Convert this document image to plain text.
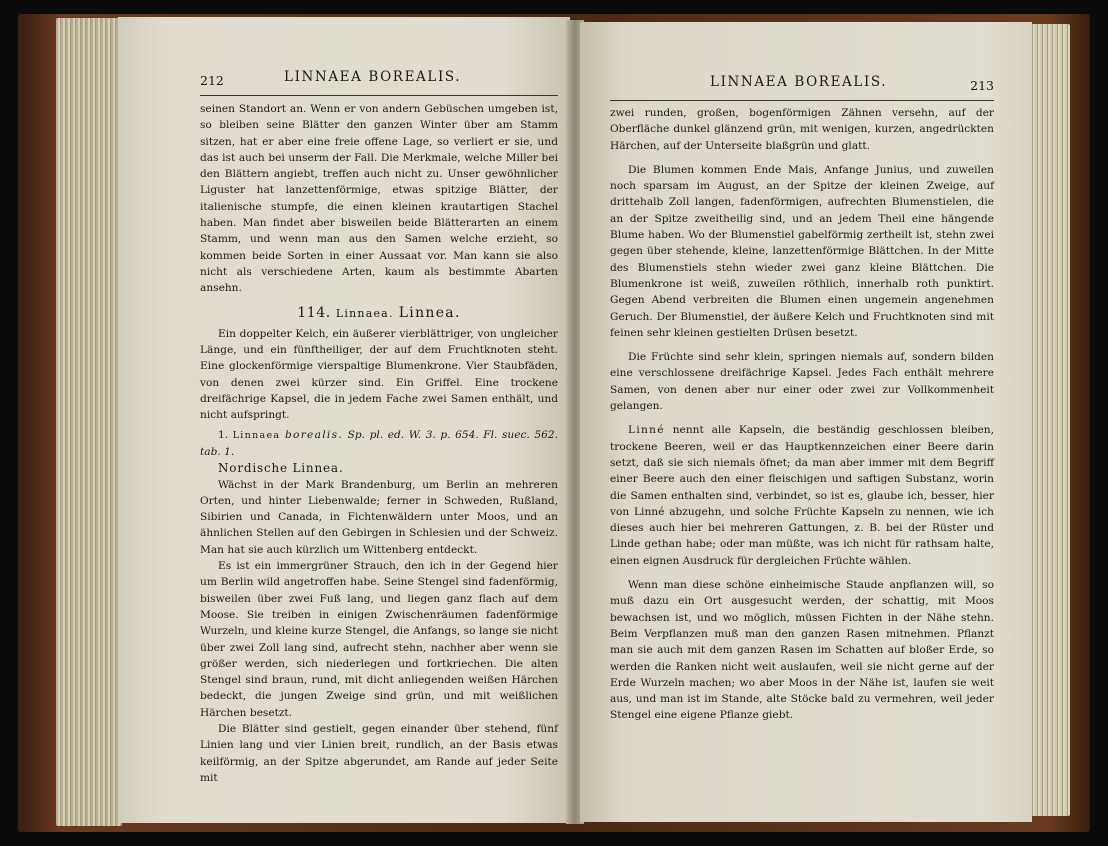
212	LINNAEA BOREALIS.

seinen Standort an. Wenn er von andern Gebüschen umgeben ist, so bleiben seine Blätter den ganzen Winter über am Stamm sitzen, hat er aber eine freie offene Lage, so verliert er sie, und das ist auch bei unserm der Fall. Die Merkmale, welche Miller bei den Blättern angiebt, treffen auch nicht zu. Unser gewöhnlicher Liguster hat lanzettenförmige, etwas spitzige Blätter, der italienische stumpfe, die einen kleinen krautartigen Stachel haben. Man findet aber bisweilen beide Blätterarten an einem Stamm, und wenn man aus den Samen welche erzieht, so kommen beide Sorten in einer Aussaat vor. Man kann sie also nicht als verschiedene Arten, kaum als bestimmte Abarten ansehn.

114. Linnaea. Linnea.

Ein doppelter Kelch, ein äußerer vierblättriger, von ungleicher Länge, und ein fünftheiliger, der auf dem Fruchtknoten steht. Eine glockenförmige vierspaltige Blumenkrone. Vier Staubfäden, von denen zwei kürzer sind. Ein Griffel. Eine trockene dreifächrige Kapsel, die in jedem Fache zwei Samen enthält, und nicht aufspringt.

1. Linnaea borealis. Sp. pl. ed. W. 3. p. 654. Fl. suec. 562. tab. 1.

Nordische Linnea.

Wächst in der Mark Brandenburg, um Berlin an mehreren Orten, und hinter Liebenwalde; ferner in Schweden, Rußland, Sibirien und Canada, in Fichtenwäldern unter Moos, und an ähnlichen Stellen auf den Gebirgen in Schlesien und der Schweiz. Man hat sie auch kürzlich um Wittenberg entdeckt.

Es ist ein immergrüner Strauch, den ich in der Gegend hier um Berlin wild angetroffen habe. Seine Stengel sind fadenförmig, bisweilen über zwei Fuß lang, und liegen ganz flach auf dem Moose. Sie treiben in einigen Zwischenräumen fadenförmige Wurzeln, und kleine kurze Stengel, die Anfangs, so lange sie nicht über zwei Zoll lang sind, aufrecht stehn, nachher aber wenn sie größer werden, sich niederlegen und fortkriechen. Die alten Stengel sind braun, rund, mit dicht anliegenden weißen Härchen bedeckt, die jungen Zweige sind grün, und mit weißlichen Härchen besetzt.

Die Blätter sind gestielt, gegen einander über stehend, fünf Linien lang und vier Linien breit, rundlich, an der Basis etwas keilförmig, an der Spitze abgerundet, am Rande auf jeder Seite mit

LINNAEA BOREALIS.	213

zwei runden, großen, bogenförmigen Zähnen versehn, auf der Oberfläche dunkel glänzend grün, mit wenigen, kurzen, angedrückten Härchen, auf der Unterseite blaßgrün und glatt.

Die Blumen kommen Ende Mais, Anfange Junius, und zuweilen noch sparsam im August, an der Spitze der kleinen Zweige, auf drittehalb Zoll langen, fadenförmigen, aufrechten Blumenstielen, die an der Spitze zweitheilig sind, und an jedem Theil eine hängende Blume haben. Wo der Blumenstiel gabelförmig zertheilt ist, stehn zwei gegen über stehende, kleine, lanzettenförmige Blättchen. In der Mitte des Blumenstiels stehn wieder zwei ganz kleine Blättchen. Die Blumenkrone ist weiß, zuweilen röthlich, innerhalb roth punktirt. Gegen Abend verbreiten die Blumen einen ungemein angenehmen Geruch. Der Blumenstiel, der äußere Kelch und Fruchtknoten sind mit feinen sehr kleinen gestielten Drüsen besetzt.

Die Früchte sind sehr klein, springen niemals auf, sondern bilden eine verschlossene dreifächrige Kapsel. Jedes Fach enthält mehrere Samen, von denen aber nur einer oder zwei zur Vollkommenheit gelangen.

Linné nennt alle Kapseln, die beständig geschlossen bleiben, trockene Beeren, weil er das Hauptkennzeichen einer Beere darin setzt, daß sie sich niemals öfnet; da man aber immer mit dem Begriff einer Beere auch den einer fleischigen und saftigen Substanz, worin die Samen enthalten sind, verbindet, so ist es, glaube ich, besser, hier von Linné abzugehn, und solche Früchte Kapseln zu nennen, wie ich dieses auch hier bei mehreren Gattungen, z. B. bei der Rüster und Linde gethan habe; oder man müßte, was ich nicht für rathsam halte, einen eignen Ausdruck für dergleichen Früchte wählen.

Wenn man diese schöne einheimische Staude anpflanzen will, so muß dazu ein Ort ausgesucht werden, der schattig, mit Moos bewachsen ist, und wo möglich, müssen Fichten in der Nähe stehn. Beim Verpflanzen muß man den ganzen Rasen mitnehmen. Pflanzt man sie auch mit dem ganzen Rasen im Schatten auf bloßer Erde, so werden die Ranken nicht weit auslaufen, weil sie nicht gerne auf der Erde Wurzeln machen; wo aber Moos in der Nähe ist, laufen sie weit aus, und man ist im Stande, alte Stöcke bald zu vermehren, weil jeder Stengel eine eigene Pflanze giebt.
